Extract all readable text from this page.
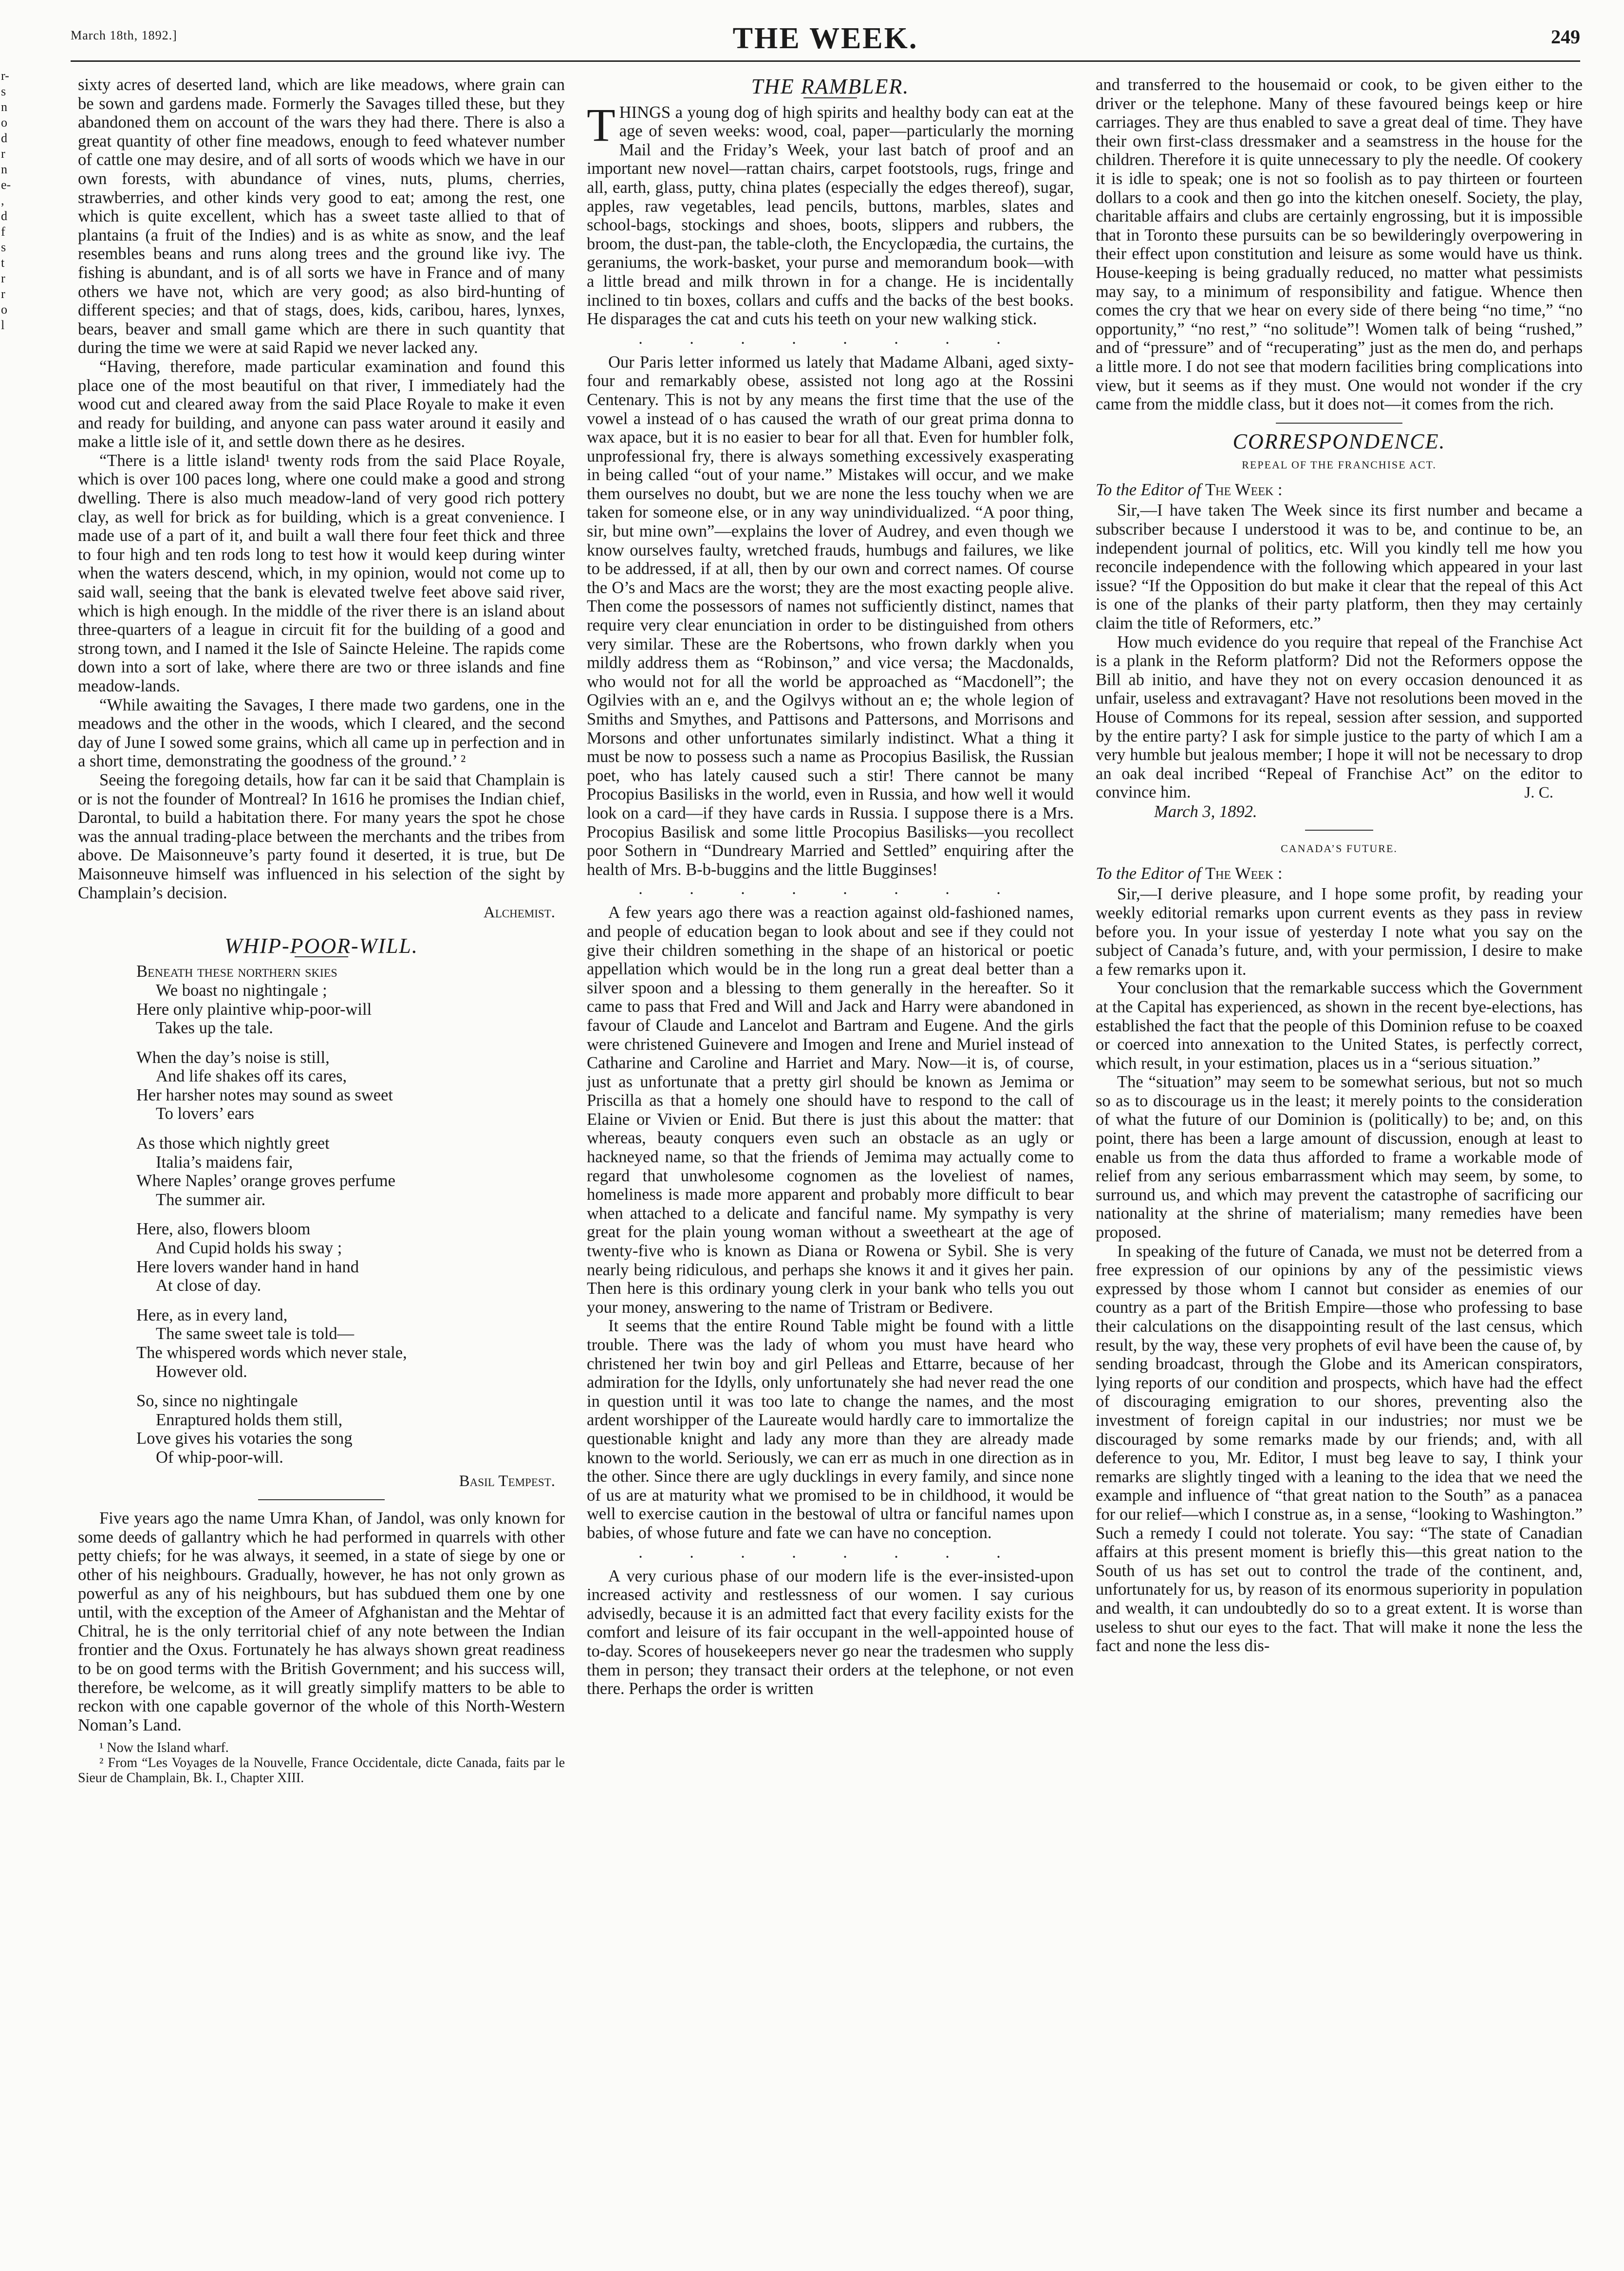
March 18th, 1892.]	THE WEEK.	249
r-
s
n
o
d
r
n
e-
,
d
f
s
t
r
r
o
l

sixty acres of deserted land, which are like meadows, where grain can be sown and gardens made. Formerly the Savages tilled these, but they abandoned them on account of the wars they had there. There is also a great quantity of other fine meadows, enough to feed whatever number of cattle one may desire, and of all sorts of woods which we have in our own forests, with abundance of vines, nuts, plums, cherries, strawberries, and other kinds very good to eat; among the rest, one which is quite excellent, which has a sweet taste allied to that of plantains (a fruit of the Indies) and is as white as snow, and the leaf resembles beans and runs along trees and the ground like ivy. The fishing is abundant, and is of all sorts we have in France and of many others we have not, which are very good; as also bird-hunting of different species; and that of stags, does, kids, caribou, hares, lynxes, bears, beaver and small game which are there in such quantity that during the time we were at said Rapid we never lacked any.

“Having, therefore, made particular examination and found this place one of the most beautiful on that river, I immediately had the wood cut and cleared away from the said Place Royale to make it even and ready for building, and anyone can pass water around it easily and make a little isle of it, and settle down there as he desires.

“There is a little island¹ twenty rods from the said Place Royale, which is over 100 paces long, where one could make a good and strong dwelling. There is also much meadow-land of very good rich pottery clay, as well for brick as for building, which is a great convenience. I made use of a part of it, and built a wall there four feet thick and three to four high and ten rods long to test how it would keep during winter when the waters descend, which, in my opinion, would not come up to said wall, seeing that the bank is elevated twelve feet above said river, which is high enough. In the middle of the river there is an island about three-quarters of a league in circuit fit for the building of a good and strong town, and I named it the Isle of Saincte Heleine. The rapids come down into a sort of lake, where there are two or three islands and fine meadow-lands.

“While awaiting the Savages, I there made two gardens, one in the meadows and the other in the woods, which I cleared, and the second day of June I sowed some grains, which all came up in perfection and in a short time, demonstrating the goodness of the ground.’ ²

Seeing the foregoing details, how far can it be said that Champlain is or is not the founder of Montreal? In 1616 he promises the Indian chief, Darontal, to build a habitation there. For many years the spot he chose was the annual trading-place between the merchants and the tribes from above. De Maisonneuve’s party found it deserted, it is true, but De Maisonneuve himself was influenced in his selection of the sight by Champlain’s decision.

Alchemist.
WHIP-POOR-WILL.
Beneath these northern skies
We boast no nightingale ;
Here only plaintive whip-poor-will
Takes up the tale.
When the day’s noise is still,
And life shakes off its cares,
Her harsher notes may sound as sweet
To lovers’ ears
As those which nightly greet
Italia’s maidens fair,
Where Naples’ orange groves perfume
The summer air.
Here, also, flowers bloom
And Cupid holds his sway ;
Here lovers wander hand in hand
At close of day.
Here, as in every land,
The same sweet tale is told—
The whispered words which never stale,
However old.
So, since no nightingale
Enraptured holds them still,
Love gives his votaries the song
Of whip-poor-will.
Basil Tempest.

Five years ago the name Umra Khan, of Jandol, was only known for some deeds of gallantry which he had performed in quarrels with other petty chiefs; for he was always, it seemed, in a state of siege by one or other of his neighbours. Gradually, however, he has not only grown as powerful as any of his neighbours, but has subdued them one by one until, with the exception of the Ameer of Afghanistan and the Mehtar of Chitral, he is the only territorial chief of any note between the Indian frontier and the Oxus. Fortunately he has always shown great readiness to be on good terms with the British Government; and his success will, therefore, be welcome, as it will greatly simplify matters to be able to reckon with one capable governor of the whole of this North-Western Noman’s Land.

¹ Now the Island wharf.

² From “Les Voyages de la Nouvelle, France Occidentale, dicte Canada, faits par le Sieur de Champlain, Bk. I., Chapter XIII.

THE RAMBLER.

THINGS a young dog of high spirits and healthy body can eat at the age of seven weeks: wood, coal, paper—particularly the morning Mail and the Friday’s Week, your last batch of proof and an important new novel—rattan chairs, carpet footstools, rugs, fringe and all, earth, glass, putty, china plates (especially the edges thereof), sugar, apples, raw vegetables, lead pencils, buttons, marbles, slates and school-bags, stockings and shoes, boots, slippers and rubbers, the broom, the dust-pan, the table-cloth, the Encyclopædia, the curtains, the geraniums, the work-basket, your purse and memorandum book—with a little bread and milk thrown in for a change. He is incidentally inclined to tin boxes, collars and cuffs and the backs of the best books. He disparages the cat and cuts his teeth on your new walking stick.

. . . . . . . .

Our Paris letter informed us lately that Madame Albani, aged sixty-four and remarkably obese, assisted not long ago at the Rossini Centenary. This is not by any means the first time that the use of the vowel a instead of o has caused the wrath of our great prima donna to wax apace, but it is no easier to bear for all that. Even for humbler folk, unprofessional fry, there is always something excessively exasperating in being called “out of your name.” Mistakes will occur, and we make them ourselves no doubt, but we are none the less touchy when we are taken for someone else, or in any way unindividualized. “A poor thing, sir, but mine own”—explains the lover of Audrey, and even though we know ourselves faulty, wretched frauds, humbugs and failures, we like to be addressed, if at all, then by our own and correct names. Of course the O’s and Macs are the worst; they are the most exacting people alive. Then come the possessors of names not sufficiently distinct, names that require very clear enunciation in order to be distinguished from others very similar. These are the Robertsons, who frown darkly when you mildly address them as “Robinson,” and vice versa; the Macdonalds, who would not for all the world be approached as “Macdonell”; the Ogilvies with an e, and the Ogilvys without an e; the whole legion of Smiths and Smythes, and Pattisons and Pattersons, and Morrisons and Morsons and other unfortunates similarly indistinct. What a thing it must be now to possess such a name as Procopius Basilisk, the Russian poet, who has lately caused such a stir! There cannot be many Procopius Basilisks in the world, even in Russia, and how well it would look on a card—if they have cards in Russia. I suppose there is a Mrs. Procopius Basilisk and some little Procopius Basilisks—you recollect poor Sothern in “Dundreary Married and Settled” enquiring after the health of Mrs. B-b-buggins and the little Bugginses!

. . . . . . . .

A few years ago there was a reaction against old-fashioned names, and people of education began to look about and see if they could not give their children something in the shape of an historical or poetic appellation which would be in the long run a great deal better than a silver spoon and a blessing to them generally in the hereafter. So it came to pass that Fred and Will and Jack and Harry were abandoned in favour of Claude and Lancelot and Bartram and Eugene. And the girls were christened Guinevere and Imogen and Irene and Muriel instead of Catharine and Caroline and Harriet and Mary. Now—it is, of course, just as unfortunate that a pretty girl should be known as Jemima or Priscilla as that a homely one should have to respond to the call of Elaine or Vivien or Enid. But there is just this about the matter: that whereas, beauty conquers even such an obstacle as an ugly or hackneyed name, so that the friends of Jemima may actually come to regard that unwholesome cognomen as the loveliest of names, homeliness is made more apparent and probably more difficult to bear when attached to a delicate and fanciful name. My sympathy is very great for the plain young woman without a sweetheart at the age of twenty-five who is known as Diana or Rowena or Sybil. She is very nearly being ridiculous, and perhaps she knows it and it gives her pain. Then here is this ordinary young clerk in your bank who tells you out your money, answering to the name of Tristram or Bedivere.

It seems that the entire Round Table might be found with a little trouble. There was the lady of whom you must have heard who christened her twin boy and girl Pelleas and Ettarre, because of her admiration for the Idylls, only unfortunately she had never read the one in question until it was too late to change the names, and the most ardent worshipper of the Laureate would hardly care to immortalize the questionable knight and lady any more than they are already made known to the world. Seriously, we can err as much in one direction as in the other. Since there are ugly ducklings in every family, and since none of us are at maturity what we promised to be in childhood, it would be well to exercise caution in the bestowal of ultra or fanciful names upon babies, of whose future and fate we can have no conception.

. . . . . . . .

A very curious phase of our modern life is the ever-insisted-upon increased activity and restlessness of our women. I say curious advisedly, because it is an admitted fact that every facility exists for the comfort and leisure of its fair occupant in the well-appointed house of to-day. Scores of housekeepers never go near the tradesmen who supply them in person; they transact their orders at the telephone, or not even there. Perhaps the order is written

and transferred to the housemaid or cook, to be given either to the driver or the telephone. Many of these favoured beings keep or hire carriages. They are thus enabled to save a great deal of time. They have their own first-class dressmaker and a seamstress in the house for the children. Therefore it is quite unnecessary to ply the needle. Of cookery it is idle to speak; one is not so foolish as to pay thirteen or fourteen dollars to a cook and then go into the kitchen oneself. Society, the play, charitable affairs and clubs are certainly engrossing, but it is impossible that in Toronto these pursuits can be so bewilderingly overpowering in their effect upon constitution and leisure as some would have us think. House-keeping is being gradually reduced, no matter what pessimists may say, to a minimum of responsibility and fatigue. Whence then comes the cry that we hear on every side of there being “no time,” “no opportunity,” “no rest,” “no solitude”! Women talk of being “rushed,” and of “pressure” and of “recuperating” just as the men do, and perhaps a little more. I do not see that modern facilities bring complications into view, but it seems as if they must. One would not wonder if the cry came from the middle class, but it does not—it comes from the rich.

CORRESPONDENCE.
REPEAL OF THE FRANCHISE ACT.
To the Editor of The Week :

Sir,—I have taken The Week since its first number and became a subscriber because I understood it was to be, and continue to be, an independent journal of politics, etc. Will you kindly tell me how you reconcile independence with the following which appeared in your last issue? “If the Opposition do but make it clear that the repeal of this Act is one of the planks of their party platform, then they may certainly claim the title of Reformers, etc.”

How much evidence do you require that repeal of the Franchise Act is a plank in the Reform platform? Did not the Reformers oppose the Bill ab initio, and have they not on every occasion denounced it as unfair, useless and extravagant? Have not resolutions been moved in the House of Commons for its repeal, session after session, and supported by the entire party? I ask for simple justice to the party of which I am a very humble but jealous member; I hope it will not be necessary to drop an oak deal incribed “Repeal of Franchise Act” on the editor to convince him.	J. C.
March 3, 1892.
CANADA’S FUTURE.
To the Editor of The Week :

Sir,—I derive pleasure, and I hope some profit, by reading your weekly editorial remarks upon current events as they pass in review before you. In your issue of yesterday I note what you say on the subject of Canada’s future, and, with your permission, I desire to make a few remarks upon it.

Your conclusion that the remarkable success which the Government at the Capital has experienced, as shown in the recent bye-elections, has established the fact that the people of this Dominion refuse to be coaxed or coerced into annexation to the United States, is perfectly correct, which result, in your estimation, places us in a “serious situation.”

The “situation” may seem to be somewhat serious, but not so much so as to discourage us in the least; it merely points to the consideration of what the future of our Dominion is (politically) to be; and, on this point, there has been a large amount of discussion, enough at least to enable us from the data thus afforded to frame a workable mode of relief from any serious embarrassment which may seem, by some, to surround us, and which may prevent the catastrophe of sacrificing our nationality at the shrine of materialism; many remedies have been proposed.

In speaking of the future of Canada, we must not be deterred from a free expression of our opinions by any of the pessimistic views expressed by those whom I cannot but consider as enemies of our country as a part of the British Empire—those who professing to base their calculations on the disappointing result of the last census, which result, by the way, these very prophets of evil have been the cause of, by sending broadcast, through the Globe and its American conspirators, lying reports of our condition and prospects, which have had the effect of discouraging emigration to our shores, preventing also the investment of foreign capital in our industries; nor must we be discouraged by some remarks made by our friends; and, with all deference to you, Mr. Editor, I must beg leave to say, I think your remarks are slightly tinged with a leaning to the idea that we need the example and influence of “that great nation to the South” as a panacea for our relief—which I construe as, in a sense, “looking to Washington.” Such a remedy I could not tolerate. You say: “The state of Canadian affairs at this present moment is briefly this—this great nation to the South of us has set out to control the trade of the continent, and, unfortunately for us, by reason of its enormous superiority in population and wealth, it can undoubtedly do so to a great extent. It is worse than useless to shut our eyes to the fact. That will make it none the less the fact and none the less dis-
